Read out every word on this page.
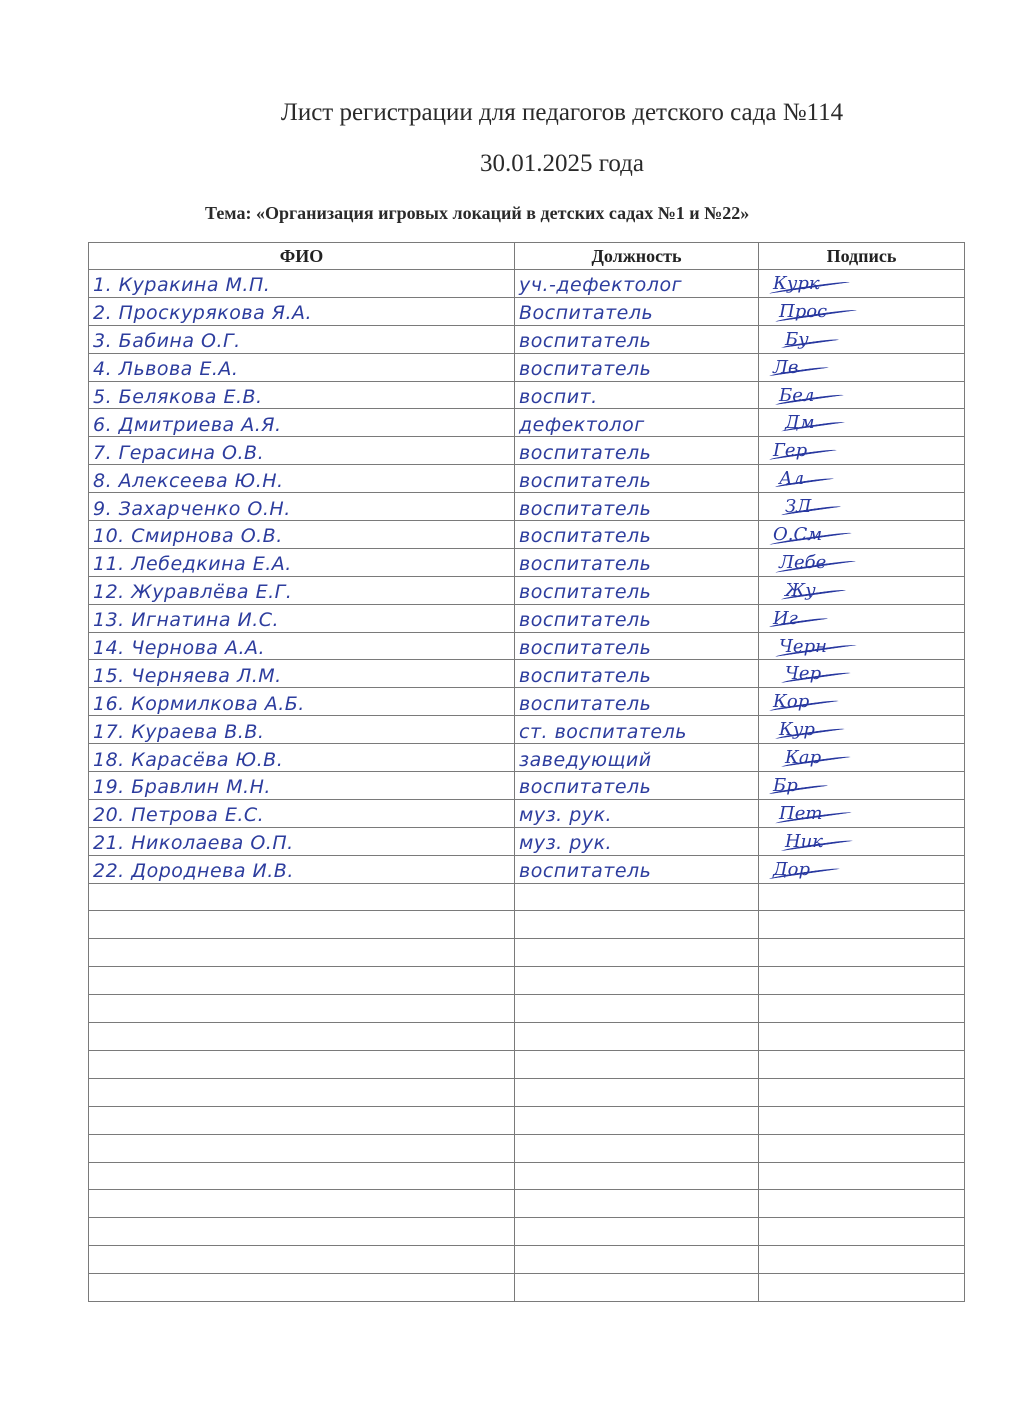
Лист регистрации для педагогов детского сада №114
30.01.2025 года
Тема: «Организация игровых локаций в детских садах №1 и №22»
ФИО	Должность	Подпись
1. Куракина М.П.	уч.-дефектолог	Курк
2. Проскурякова Я.А.	Воспитатель	Прос
3. Бабина О.Г.	воспитатель	Бу
4. Львова Е.А.	воспитатель	Лв
5. Белякова Е.В.	воспит.	Бел
6. Дмитриева А.Я.	дефектолог	Дм
7. Герасина О.В.	воспитатель	Гер
8. Алексеева Ю.Н.	воспитатель	Ал
9. Захарченко О.Н.	воспитатель	ЗЛ
10. Смирнова О.В.	воспитатель	О.См
11. Лебедкина Е.А.	воспитатель	Лебе
12. Журавлёва Е.Г.	воспитатель	Жу
13. Игнатина И.С.	воспитатель	Иг
14. Чернова А.А.	воспитатель	Черн
15. Черняева Л.М.	воспитатель	Чер
16. Кормилкова А.Б.	воспитатель	Кор
17. Кураева В.В.	ст. воспитатель	Кур
18. Карасёва Ю.В.	заведующий	Кар
19. Бравлин М.Н.	воспитатель	Бр
20. Петрова Е.С.	муз. рук.	Пет
21. Николаева О.П.	муз. рук.	Ник
22. Дороднева И.В.	воспитатель	Дор
